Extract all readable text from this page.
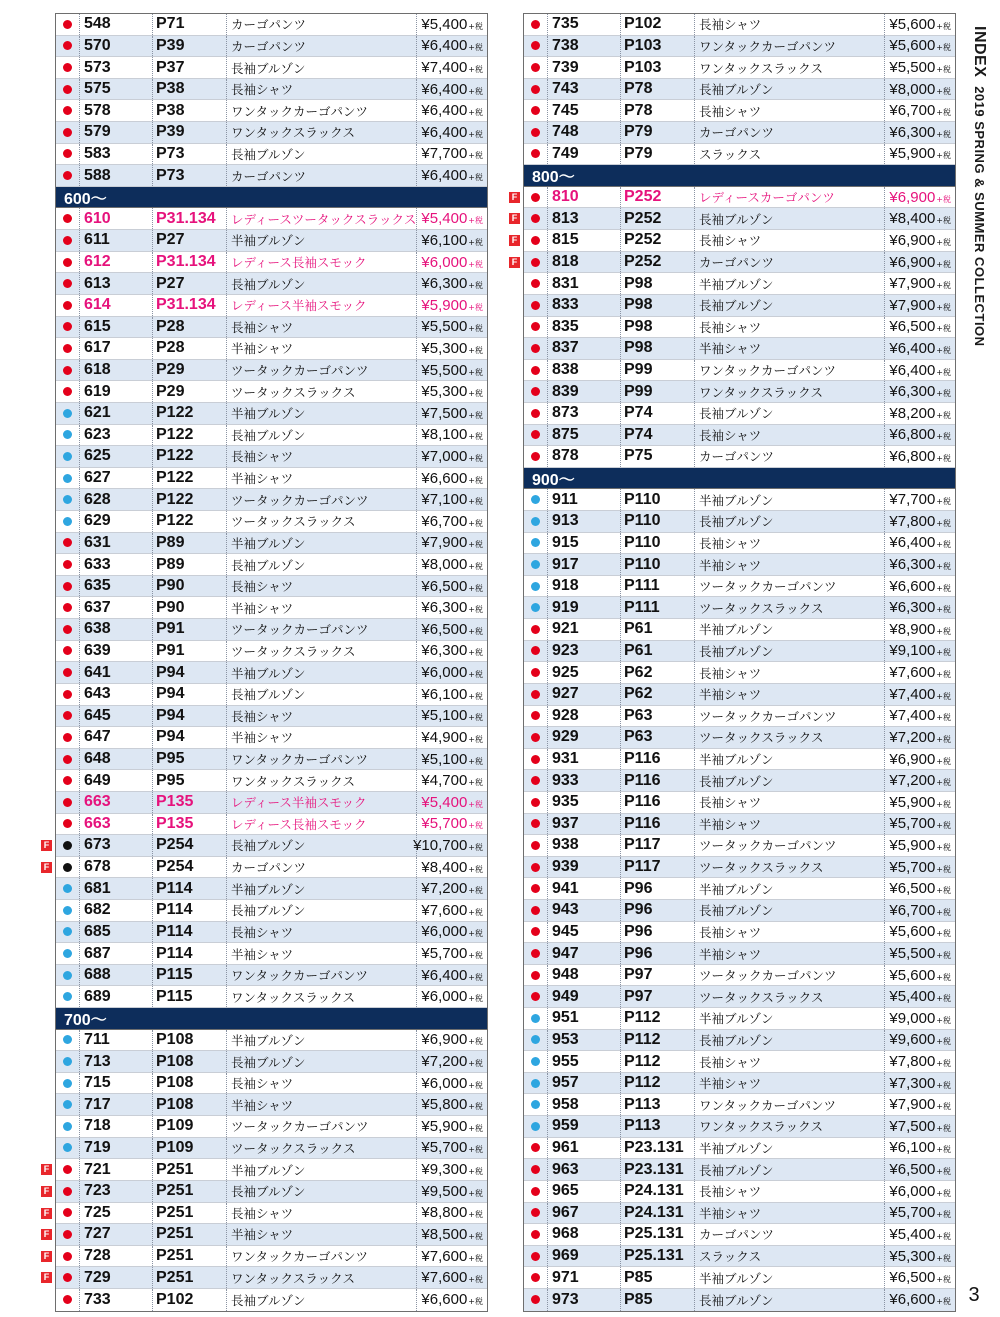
548	P71	カーゴパンツ	¥5,400 +税
570	P39	カーゴパンツ	¥6,400 +税
573	P37	長袖ブルゾン	¥7,400 +税
575	P38	長袖シャツ	¥6,400 +税
578	P38	ワンタックカーゴパンツ	¥6,400 +税
579	P39	ワンタックスラックス	¥6,400 +税
583	P73	長袖ブルゾン	¥7,700 +税
588	P73	カーゴパンツ	¥6,400 +税
600～
610	P31.134	レディースツータックスラックス ¥5,400 +税
611	P27	半袖ブルゾン	¥6,100 +税
612	P31.134	レディース長袖スモック	¥6,000 +税
613	P27	長袖ブルゾン	¥6,300 +税
614	P31.134	レディース半袖スモック	¥5,900 +税
615	P28	長袖シャツ	¥5,500 +税
617	P28	半袖シャツ	¥5,300 +税
618	P29	ツータックカーゴパンツ	¥5,500 +税
619	P29	ツータックスラックス	¥5,300 +税
621	P122	半袖ブルゾン	¥7,500 +税
623	P122	長袖ブルゾン	¥8,100 +税
625	P122	長袖シャツ	¥7,000 +税
627	P122	半袖シャツ	¥6,600 +税
628	P122	ツータックカーゴパンツ	¥7,100 +税
629	P122	ツータックスラックス	¥6,700 +税
631	P89	半袖ブルゾン	¥7,900 +税
633	P89	長袖ブルゾン	¥8,000 +税
635	P90	長袖シャツ	¥6,500 +税
637	P90	半袖シャツ	¥6,300 +税
638	P91	ツータックカーゴパンツ	¥6,500 +税
639	P91	ツータックスラックス	¥6,300 +税
641	P94	半袖ブルゾン	¥6,000 +税
643	P94	長袖ブルゾン	¥6,100 +税
645	P94	長袖シャツ	¥5,100 +税
647	P94	半袖シャツ	¥4,900 +税
648	P95	ワンタックカーゴパンツ	¥5,100 +税
649	P95	ワンタックスラックス	¥4,700 +税
663	P135	レディース半袖スモック	¥5,400 +税
663	P135	レディース長袖スモック	¥5,700 +税
F	673	P254	長袖ブルゾン	¥10,700 +税
F	678	P254	カーゴパンツ	¥8,400 +税
681	P114	半袖ブルゾン	¥7,200 +税
682	P114	長袖ブルゾン	¥7,600 +税
685	P114	長袖シャツ	¥6,000 +税
687	P114	半袖シャツ	¥5,700 +税
688	P115	ワンタックカーゴパンツ	¥6,400 +税
689	P115	ワンタックスラックス	¥6,000 +税
700～
711	P108	半袖ブルゾン	¥6,900 +税
713	P108	長袖ブルゾン	¥7,200 +税
715	P108	長袖シャツ	¥6,000 +税
717	P108	半袖シャツ	¥5,800 +税
718	P109	ツータックカーゴパンツ	¥5,900 +税
719	P109	ツータックスラックス	¥5,700 +税
F	721	P251	半袖ブルゾン	¥9,300 +税
F	723	P251	長袖ブルゾン	¥9,500 +税
F	725	P251	長袖シャツ	¥8,800 +税
F	727	P251	半袖シャツ	¥8,500 +税
F	728	P251	ワンタックカーゴパンツ	¥7,600 +税
F	729	P251	ワンタックスラックス	¥7,600 +税
733	P102	長袖ブルゾン	¥6,600 +税
735	P102	長袖シャツ	¥5,600 +税
738	P103	ワンタックカーゴパンツ	¥5,600 +税
739	P103	ワンタックスラックス	¥5,500 +税
743	P78	長袖ブルゾン	¥8,000 +税
745	P78	長袖シャツ	¥6,700 +税
748	P79	カーゴパンツ	¥6,300 +税
749	P79	スラックス	¥5,900 +税
800～
F	810	P252	レディースカーゴパンツ	¥6,900 +税
F	813	P252	長袖ブルゾン	¥8,400 +税
F	815	P252	長袖シャツ	¥6,900 +税
F	818	P252	カーゴパンツ	¥6,900 +税
831	P98	半袖ブルゾン	¥7,900 +税
833	P98	長袖ブルゾン	¥7,900 +税
835	P98	長袖シャツ	¥6,500 +税
837	P98	半袖シャツ	¥6,400 +税
838	P99	ワンタックカーゴパンツ	¥6,400 +税
839	P99	ワンタックスラックス	¥6,300 +税
873	P74	長袖ブルゾン	¥8,200 +税
875	P74	長袖シャツ	¥6,800 +税
878	P75	カーゴパンツ	¥6,800 +税
900～
911	P110	半袖ブルゾン	¥7,700 +税
913	P110	長袖ブルゾン	¥7,800 +税
915	P110	長袖シャツ	¥6,400 +税
917	P110	半袖シャツ	¥6,300 +税
918	P111	ツータックカーゴパンツ	¥6,600 +税
919	P111	ツータックスラックス	¥6,300 +税
921	P61	半袖ブルゾン	¥8,900 +税
923	P61	長袖ブルゾン	¥9,100 +税
925	P62	長袖シャツ	¥7,600 +税
927	P62	半袖シャツ	¥7,400 +税
928	P63	ツータックカーゴパンツ	¥7,400 +税
929	P63	ツータックスラックス	¥7,200 +税
931	P116	半袖ブルゾン	¥6,900 +税
933	P116	長袖ブルゾン	¥7,200 +税
935	P116	長袖シャツ	¥5,900 +税
937	P116	半袖シャツ	¥5,700 +税
938	P117	ツータックカーゴパンツ	¥5,900 +税
939	P117	ツータックスラックス	¥5,700 +税
941	P96	半袖ブルゾン	¥6,500 +税
943	P96	長袖ブルゾン	¥6,700 +税
945	P96	長袖シャツ	¥5,600 +税
947	P96	半袖シャツ	¥5,500 +税
948	P97	ツータックカーゴパンツ	¥5,600 +税
949	P97	ツータックスラックス	¥5,400 +税
951	P112	半袖ブルゾン	¥9,000 +税
953	P112	長袖ブルゾン	¥9,600 +税
955	P112	長袖シャツ	¥7,800 +税
957	P112	半袖シャツ	¥7,300 +税
958	P113	ワンタックカーゴパンツ	¥7,900 +税
959	P113	ワンタックスラックス	¥7,500 +税
961	P23.131	半袖ブルゾン	¥6,100 +税
963	P23.131	長袖ブルゾン	¥6,500 +税
965	P24.131	長袖シャツ	¥6,000 +税
967	P24.131	半袖シャツ	¥5,700 +税
968	P25.131	カーゴパンツ	¥5,400 +税
969	P25.131	スラックス	¥5,300 +税
971	P85	半袖ブルゾン	¥6,500 +税
973	P85	長袖ブルゾン	¥6,600 +税
INDEX  2019 SPRING & SUMMER COLLECTION
3
